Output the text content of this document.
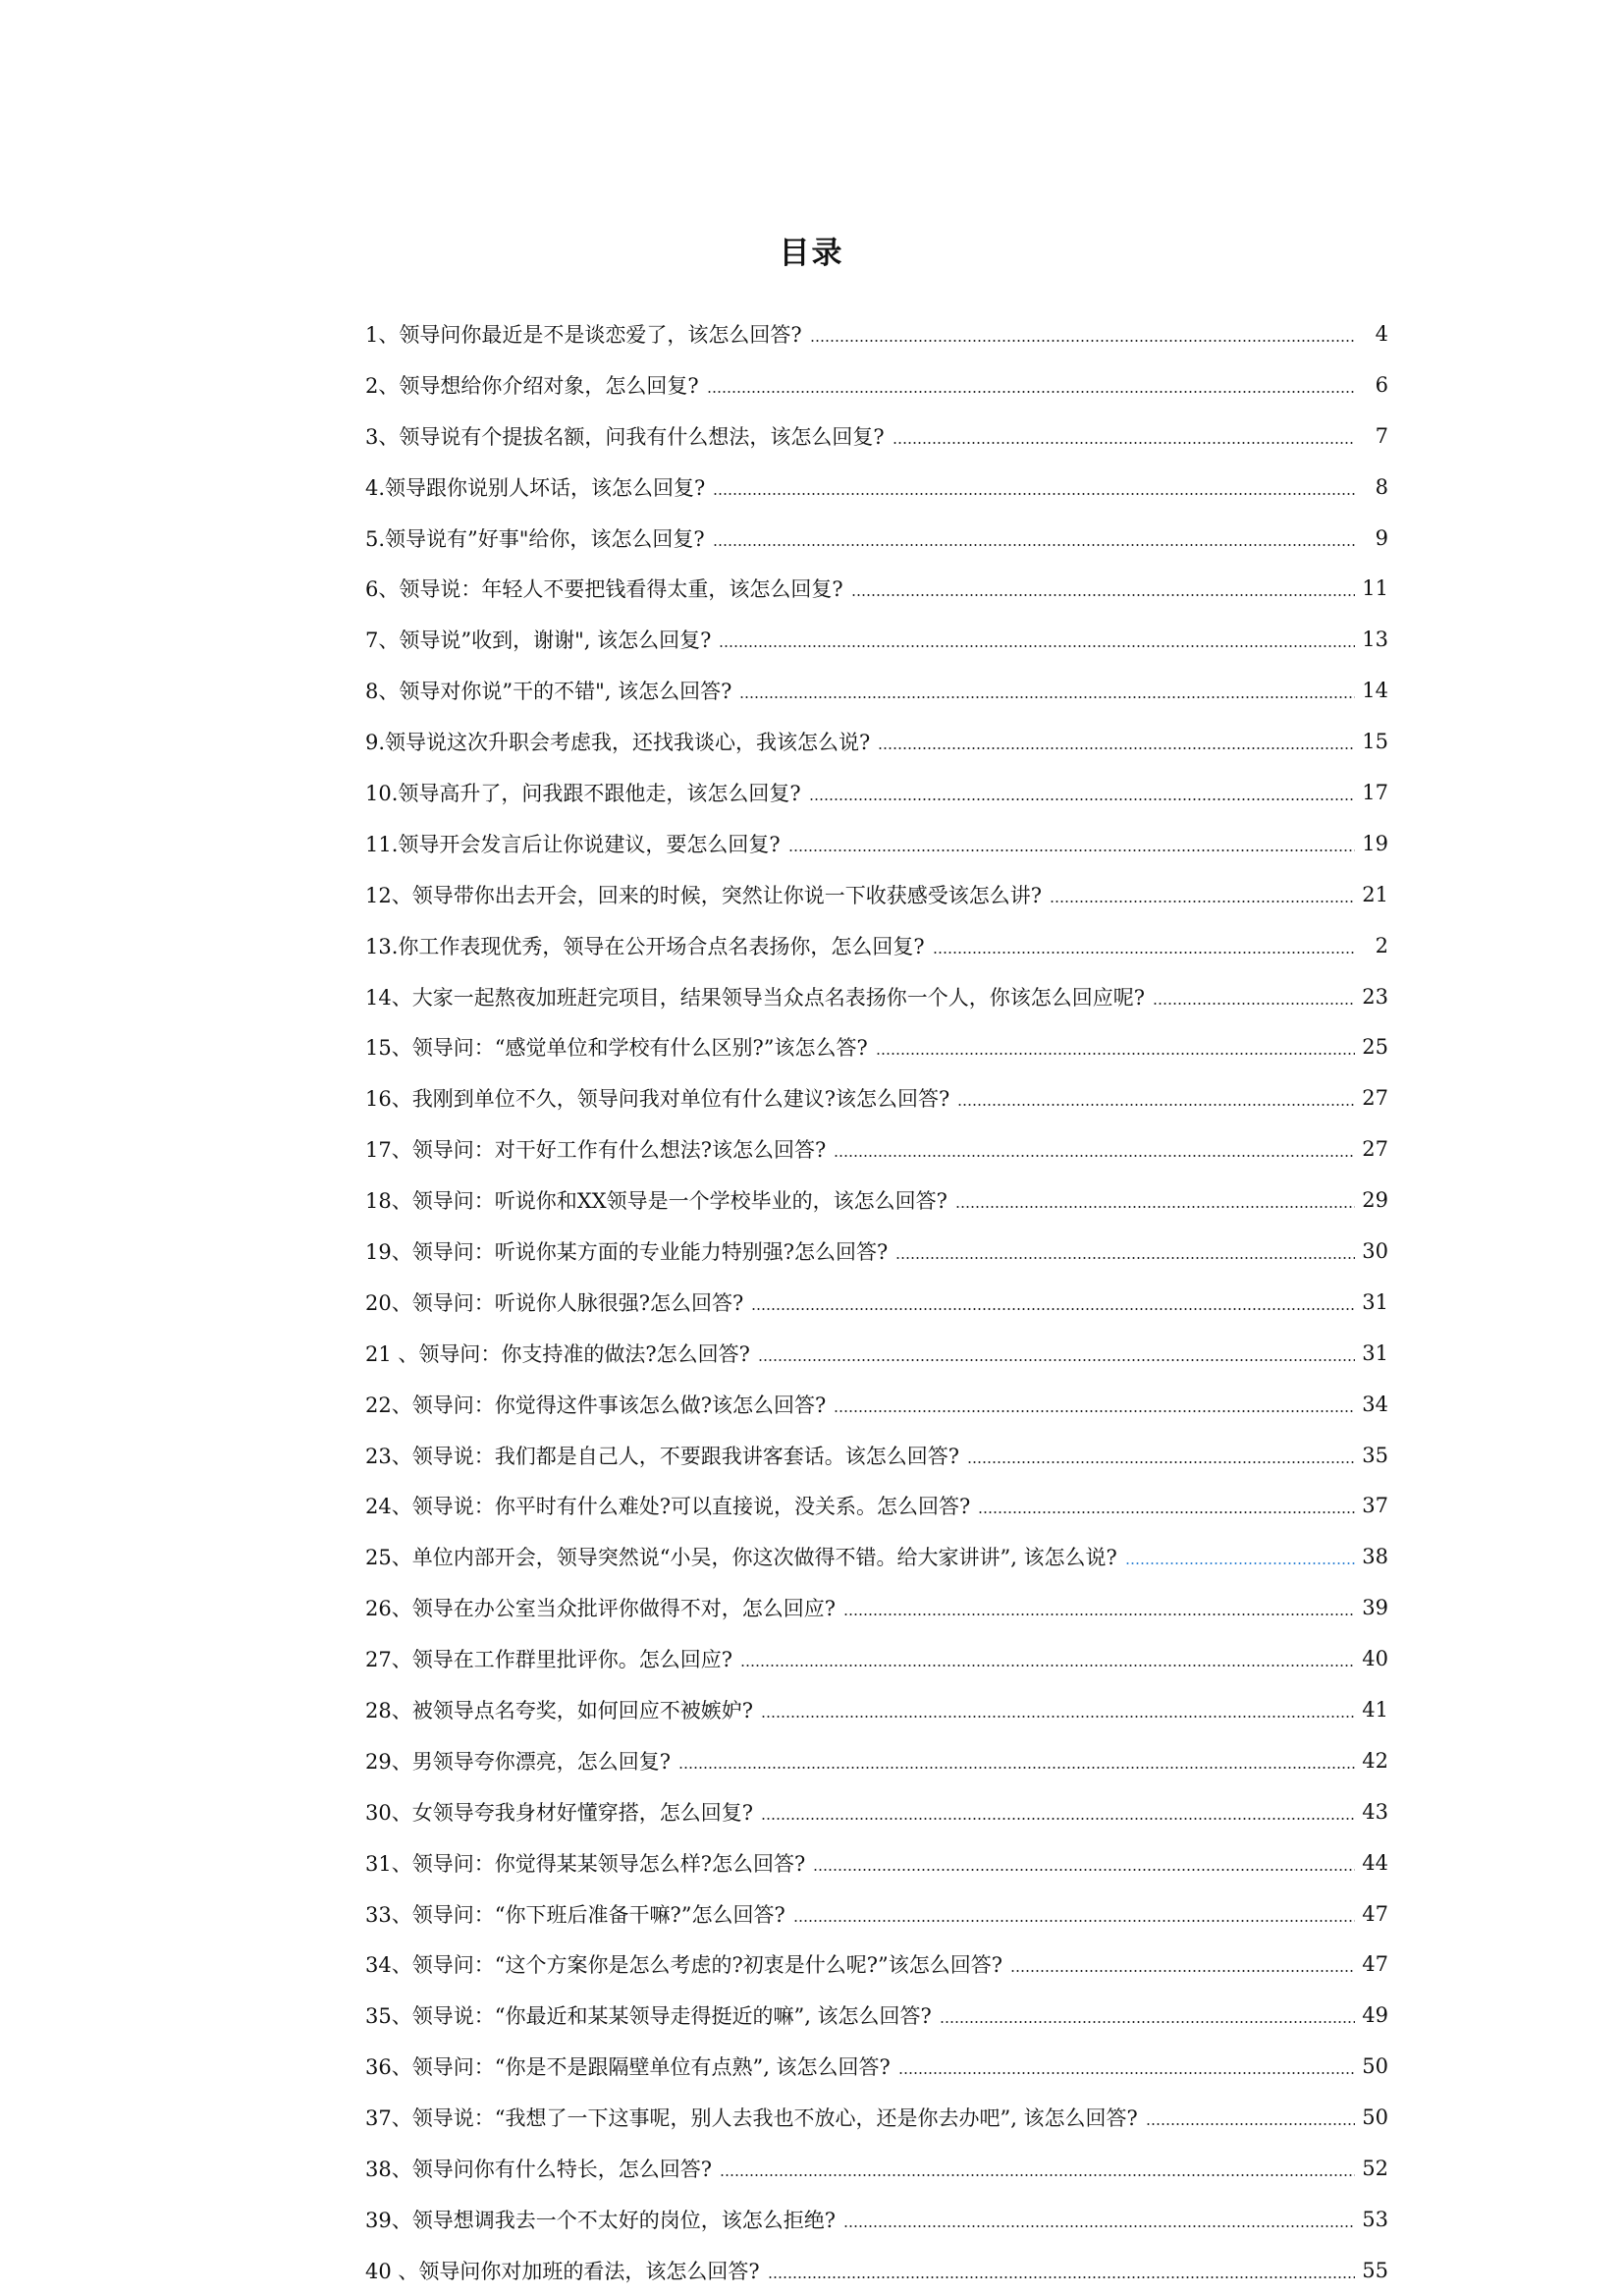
目录
1、领导问你最近是不是谈恋爱了，该怎么回答?	4
2、领导想给你介绍对象，怎么回复?	6
3、领导说有个提拔名额，问我有什么想法，该怎么回复?	7
4.领导跟你说别人坏话，该怎么回复?	8
5.领导说有”好事"给你，该怎么回复?	9
6、领导说：年轻人不要把钱看得太重，该怎么回复?	11
7、领导说”收到，谢谢", 该怎么回复?	13
8、领导对你说”干的不错", 该怎么回答?	14
9.领导说这次升职会考虑我，还找我谈心，我该怎么说?	15
10.领导高升了，问我跟不跟他走，该怎么回复?	17
11.领导开会发言后让你说建议，要怎么回复?	19
12、领导带你出去开会，回来的时候，突然让你说一下收获感受该怎么讲?	21
13.你工作表现优秀，领导在公开场合点名表扬你，怎么回复?	2
14、大家一起熬夜加班赶完项目，结果领导当众点名表扬你一个人，你该怎么回应呢?	23
15、领导问：“感觉单位和学校有什么区别?”该怎么答?	25
16、我刚到单位不久，领导问我对单位有什么建议?该怎么回答?	27
17、领导问：对干好工作有什么想法?该怎么回答?	27
18、领导问：听说你和XX领导是一个学校毕业的，该怎么回答?	29
19、领导问：听说你某方面的专业能力特别强?怎么回答?	30
20、领导问：听说你人脉很强?怎么回答?	31
21 、领导问：你支持准的做法?怎么回答?	31
22、领导问：你觉得这件事该怎么做?该怎么回答?	34
23、领导说：我们都是自己人，不要跟我讲客套话。该怎么回答?	35
24、领导说：你平时有什么难处?可以直接说，没关系。怎么回答?	37
25、单位内部开会，领导突然说“小吴，你这次做得不错。给大家讲讲”, 该怎么说?	38
26、领导在办公室当众批评你做得不对，怎么回应?	39
27、领导在工作群里批评你。怎么回应?	40
28、被领导点名夸奖，如何回应不被嫉妒?	41
29、男领导夸你漂亮，怎么回复?	42
30、女领导夸我身材好懂穿搭，怎么回复?	43
31、领导问：你觉得某某领导怎么样?怎么回答?	44
33、领导问：“你下班后准备干嘛?”怎么回答?	47
34、领导问：“这个方案你是怎么考虑的?初衷是什么呢?”该怎么回答?	47
35、领导说：“你最近和某某领导走得挺近的嘛”, 该怎么回答?	49
36、领导问：“你是不是跟隔壁单位有点熟”, 该怎么回答?	50
37、领导说：“我想了一下这事呢，别人去我也不放心，还是你去办吧”, 该怎么回答?	50
38、领导问你有什么特长，怎么回答?	52
39、领导想调我去一个不太好的岗位，该怎么拒绝?	53
40 、领导问你对加班的看法，该怎么回答?	55
